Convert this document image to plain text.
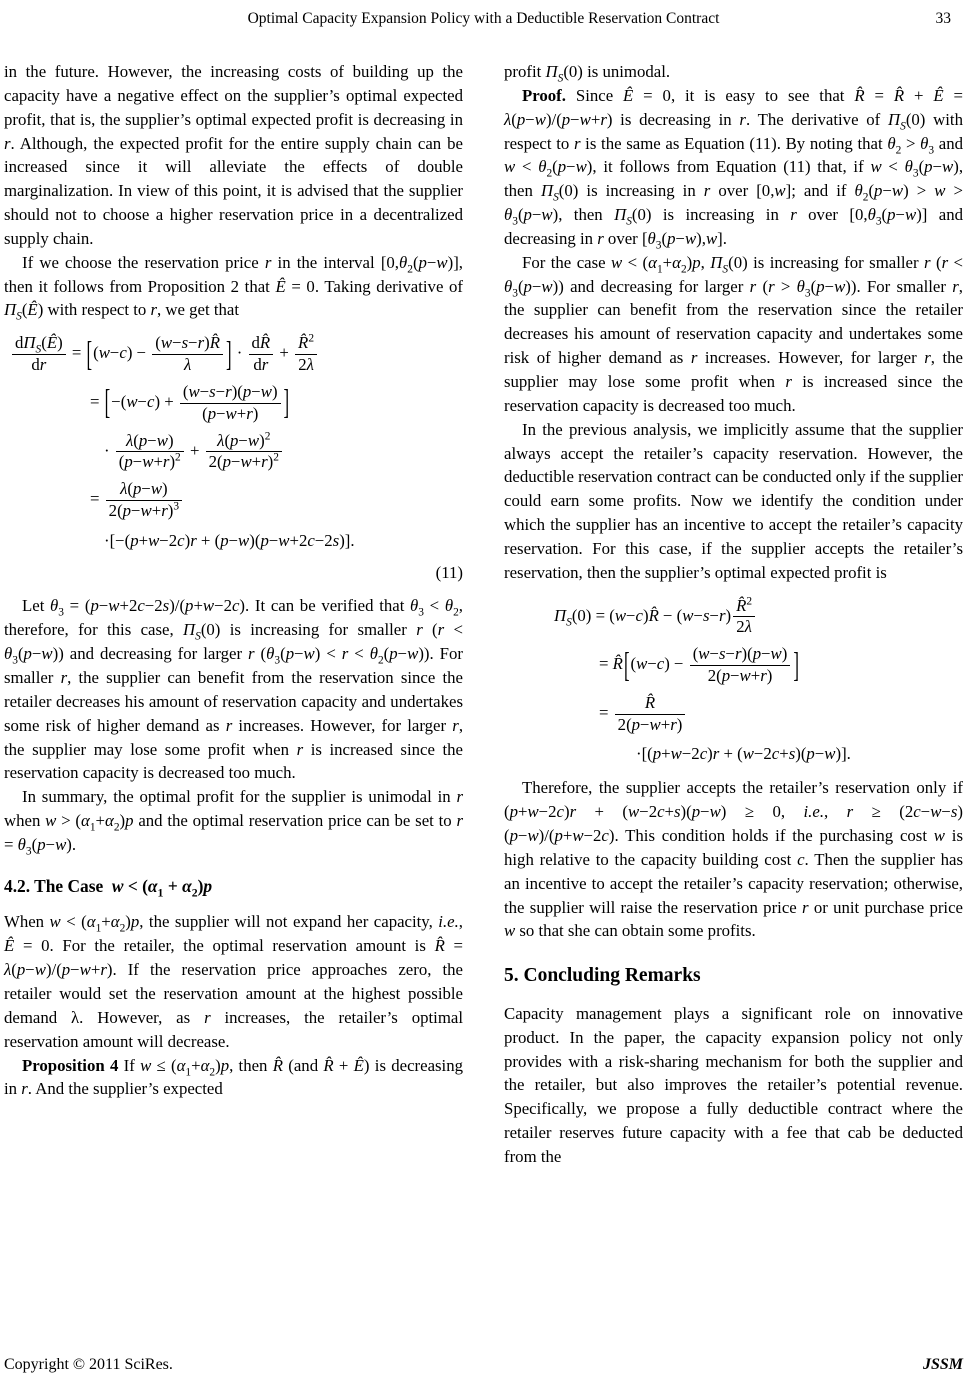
Optimal Capacity Expansion Policy with a Deductible Reservation Contract	33

in the future. However, the increasing costs of building up the capacity have a negative effect on the supplier’s optimal expected profit, that is, the supplier’s optimal expected profit is decreasing in r. Although, the expected profit for the entire supply chain can be increased since it will alleviate the effects of double marginalization. In view of this point, it is advised that the supplier should not to choose a higher reservation price in a decentralized supply chain.

If we choose the reservation price r in the interval $[0,\theta_2(p-w)]$, then it follows from Proposition 2 that Ê = 0. Taking derivative of $\Pi_S(Ê)$ with respect to r, we get that

$\frac{d\Pi_S(Ê)}{dr} = [(w-c) - \frac{(w-s-r)R̂}{\lambda}$ ] · $\frac{dR̂}{dr} + \frac{R̂^2}{2\lambda}$
= [$-(w-c) + \frac{(w-s-r)(p-w)}{(p-w+r)}$ ]
· $\frac{\lambda(p-w)}{(p-w+r)^2} + \frac{\lambda(p-w)^2}{2(p-w+r)^2}$
= $\frac{\lambda(p-w)}{2(p-w+r)^3}$
·[−(p+w−2c)r + (p−w)(p−w+2c−2s)].
(11)

Let $\theta_3 = (p-w+2c-2s)/(p+w-2c)$. It can be verified that $\theta_3 < \theta_2$, therefore, for this case, $\Pi_S(0)$ is increasing for smaller r $(r < \theta_3(p-w))$ and decreasing for larger r $(\theta_3(p-w) < r < \theta_2(p-w))$. For smaller r, the supplier can benefit from the reservation since the retailer decreases his amount of reservation capacity and undertakes some risk of higher demand as r increases. However, for larger r, the supplier may lose some profit when r is increased since the reservation capacity is decreased too much.

In summary, the optimal profit for the supplier is unimodal in r when $w > (\alpha_1+\alpha_2)p$ and the optimal reservation price can be set to $r = \theta_3(p-w)$.

4.2. The Case  $w < (\alpha_1 + \alpha_2)p$

When $w < (\alpha_1+\alpha_2)p$, the supplier will not expand her capacity, i.e., Ê = 0. For the retailer, the optimal reservation amount is R̂ = λ(p−w)/(p−w+r). If the reservation price approaches zero, the retailer would set the reservation amount at the highest possible demand λ. However, as r increases, the retailer’s optimal reservation amount will decrease.

Proposition 4 If $w \le (\alpha_1+\alpha_2)p$, then R̂ (and R̂ + Ê) is decreasing in r. And the supplier’s expected

profit $\Pi_S(0)$ is unimodal.

Proof. Since Ê = 0, it is easy to see that R̂ = R̂ + Ê = λ(p−w)/(p−w+r) is decreasing in r. The derivative of $\Pi_S(0)$ with respect to r is the same as Equation (11). By noting that $\theta_2 > \theta_3$ and $w < \theta_2(p-w)$, it follows from Equation (11) that, if $w < \theta_3(p-w)$, then $\Pi_S(0)$ is increasing in r over [0,w]; and if $\theta_2(p-w) > w > \theta_3(p-w)$, then $\Pi_S(0)$ is increasing in r over $[0,\theta_3(p-w)]$ and decreasing in r over $[\theta_3(p-w),w]$.

For the case $w < (\alpha_1+\alpha_2)p$, $\Pi_S(0)$ is increasing for smaller r $(r < \theta_3(p-w))$ and decreasing for larger r $(r > \theta_3(p-w))$. For smaller r, the supplier can benefit from the reservation since the retailer decreases his amount of reservation capacity and undertakes some risk of higher demand as r increases. However, for larger r, the supplier may lose some profit when r is increased since the reservation capacity is decreased too much.

In the previous analysis, we implicitly assume that the supplier always accept the retailer’s capacity reservation. However, the deductible reservation contract can be conducted only if the supplier could earn some profits. Now we identify the condition under which the supplier has an incentive to accept the retailer’s capacity reservation. For this case, if the supplier accepts the retailer’s reservation, then the supplier’s optimal expected profit is

$\Pi_S(0)$ = (w−c)R̂ − $(w-s-r) \frac{R̂^2}{2\lambda}$
= R̂[(w−c) − $\frac{(w-s-r)(p-w)}{2(p-w+r)}$ ]
= $\frac{R̂}{2(p-w+r)}$
·[(p+w−2c)r + (w−2c+s)(p−w)].

Therefore, the supplier accepts the retailer’s reservation only if (p+w−2c)r + (w−2c+s)(p−w) ≥ 0, i.e., r ≥ (2c−w−s)(p−w)/(p+w−2c). This condition holds if the purchasing cost w is high relative to the capacity building cost c. Then the supplier has an incentive to accept the retailer’s capacity reservation; otherwise, the supplier will raise the reservation price r or unit purchase price w so that she can obtain some profits.

5. Concluding Remarks

Capacity management plays a significant role on innovative product. In the paper, the capacity expansion policy not only provides with a risk-sharing mechanism for both the supplier and the retailer, but also improves the retailer’s potential revenue. Specifically, we propose a fully deductible contract where the retailer reserves future capacity with a fee that cab be deducted from the

Copyright © 2011 SciRes.	JSSM
